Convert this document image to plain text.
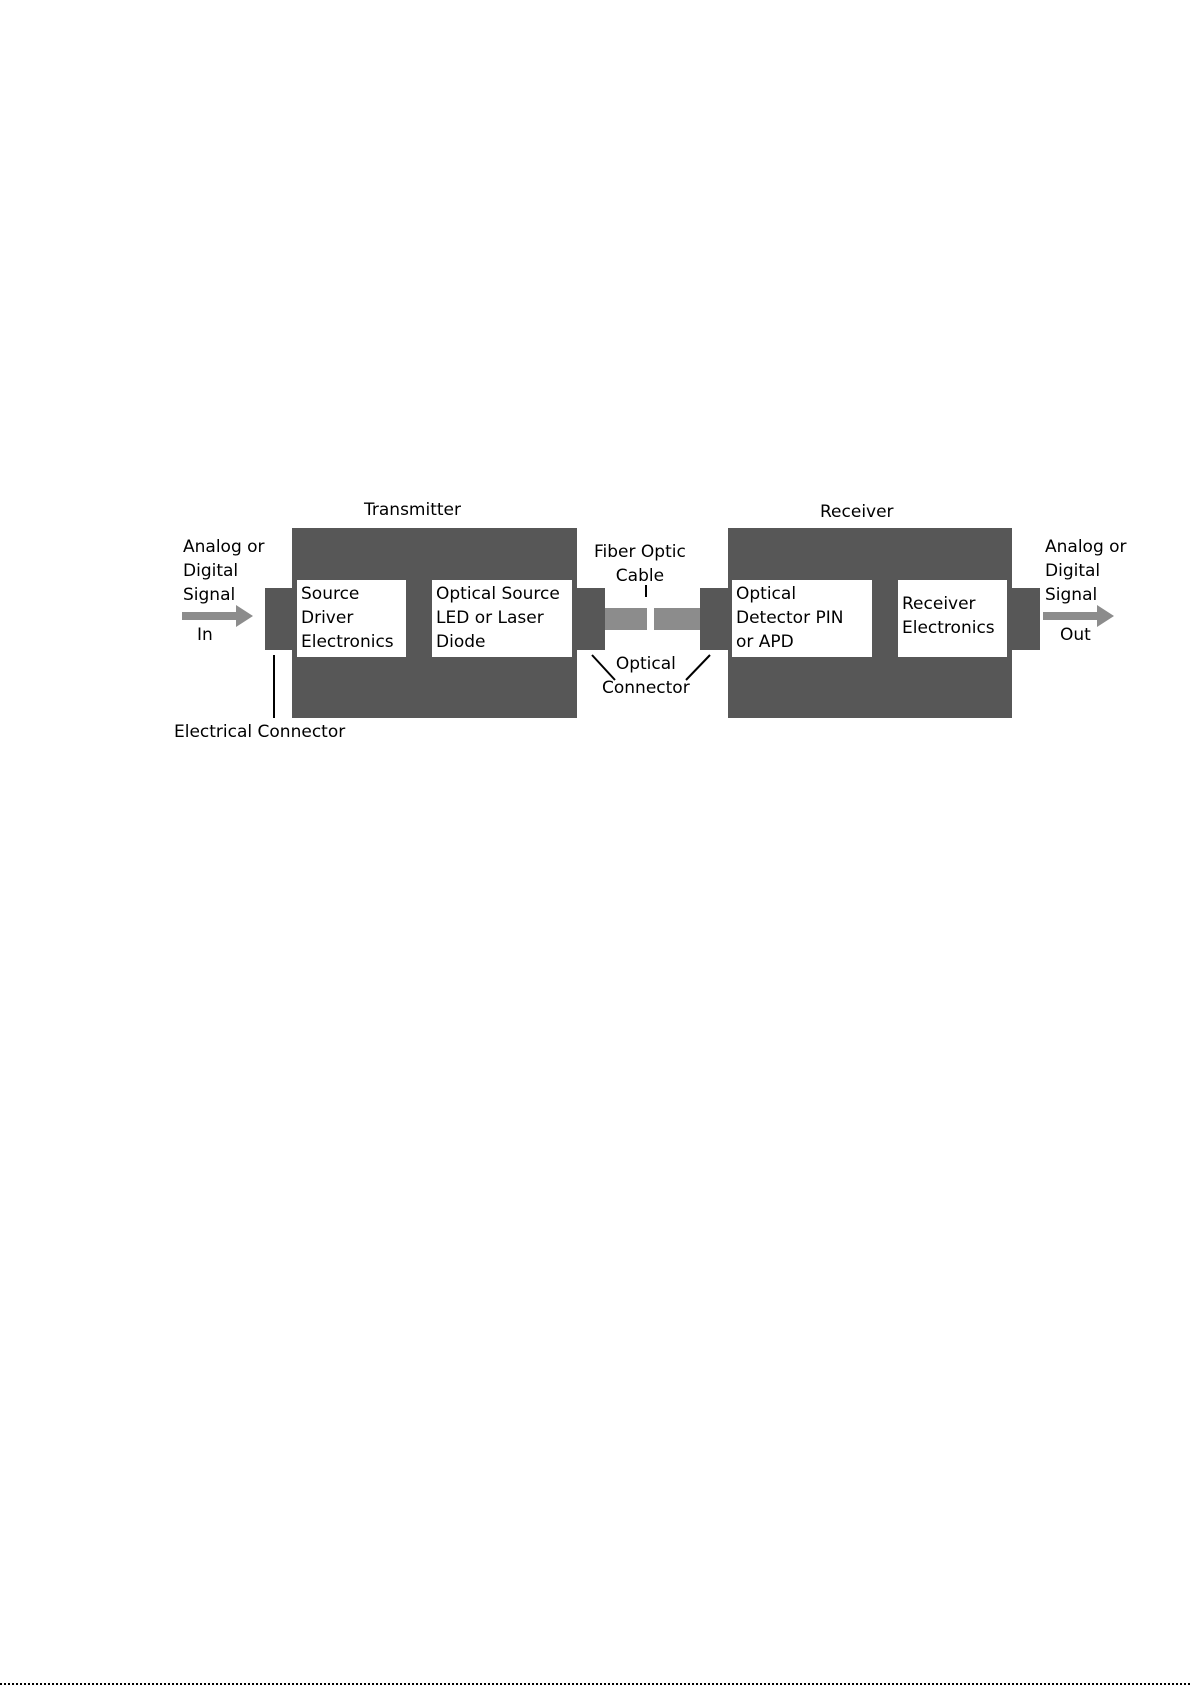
Source
Driver
Electronics
Optical Source
LED or Laser
Diode
Optical
Detector PIN
or APD
Receiver
Electronics
Transmitter	Receiver
Analog or
Digital
Signal
In
Fiber Optic
Cable
Analog or
Digital
Signal
Out
Optical
Connector
Electrical Connector
